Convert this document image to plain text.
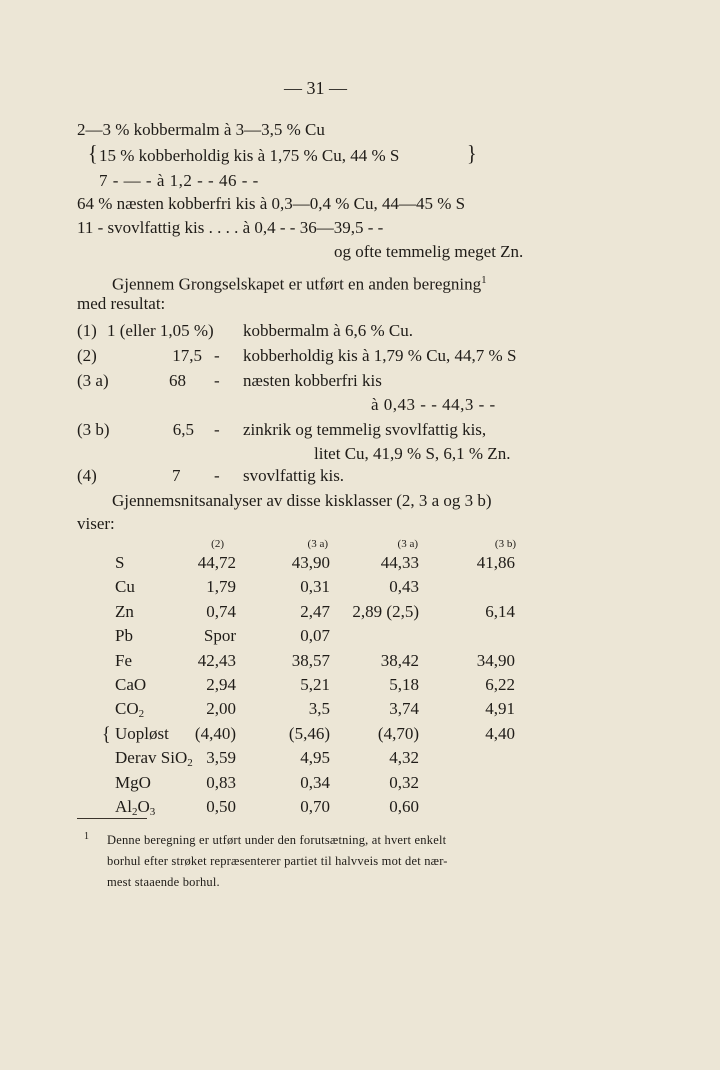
— 31 —
2—3 % kobbermalm à 3—3,5 % Cu
{ 15 % kobberholdig kis à 1,75 % Cu, 44 % S
7 - — - à 1,2 - - 46 - -
}
64 % næsten kobberfri kis à 0,3—0,4 % Cu, 44—45 % S
11 - svovlfattig kis . . . . à 0,4 - - 36—39,5 - -
og ofte temmelig meget Zn.
Gjennem Grongselskapet er utført en anden beregning$^1$
med resultat:
(1) 1 (eller 1,05 %) kobbermalm à 6,6 % Cu.
(2)	17,5 - kobberholdig kis à 1,79 % Cu, 44,7 % S
(3 a)	68 - næsten kobberfri kis
à 0,43 - - 44,3 - -
(3 b)	6,5 - zinkrik og temmelig svovlfattig kis,
litet Cu, 41,9 % S, 6,1 % Zn.
(4)	7 - svovlfattig kis.
Gjennemsnitsanalyser av disse kisklasser (2, 3 a og 3 b)
viser:
(2)	(3 a)	(3 a)	(3 b)
S	44,72	43,90	44,33	41,86
Cu	1,79	0,31	0,43
Zn	0,74	2,47	2,89 (2,5)	6,14
Pb	Spor	0,07
Fe	42,43	38,57	38,42	34,90
CaO	2,94	5,21	5,18	6,22
$CO_2$	2,00	3,5	3,74	4,91
Uopløst	(4,40)	(5,46)	(4,70)	4,40
Derav SiO$_2$ 3,59	4,95	4,32
MgO	0,83	0,34	0,32
$Al_2O_3$	0,50	0,70	0,60
{
1 Denne beregning er utført under den forutsætning, at hvert enkelt
borhul efter strøket repræsenterer partiet til halvveis mot det nær-
mest staaende borhul.
